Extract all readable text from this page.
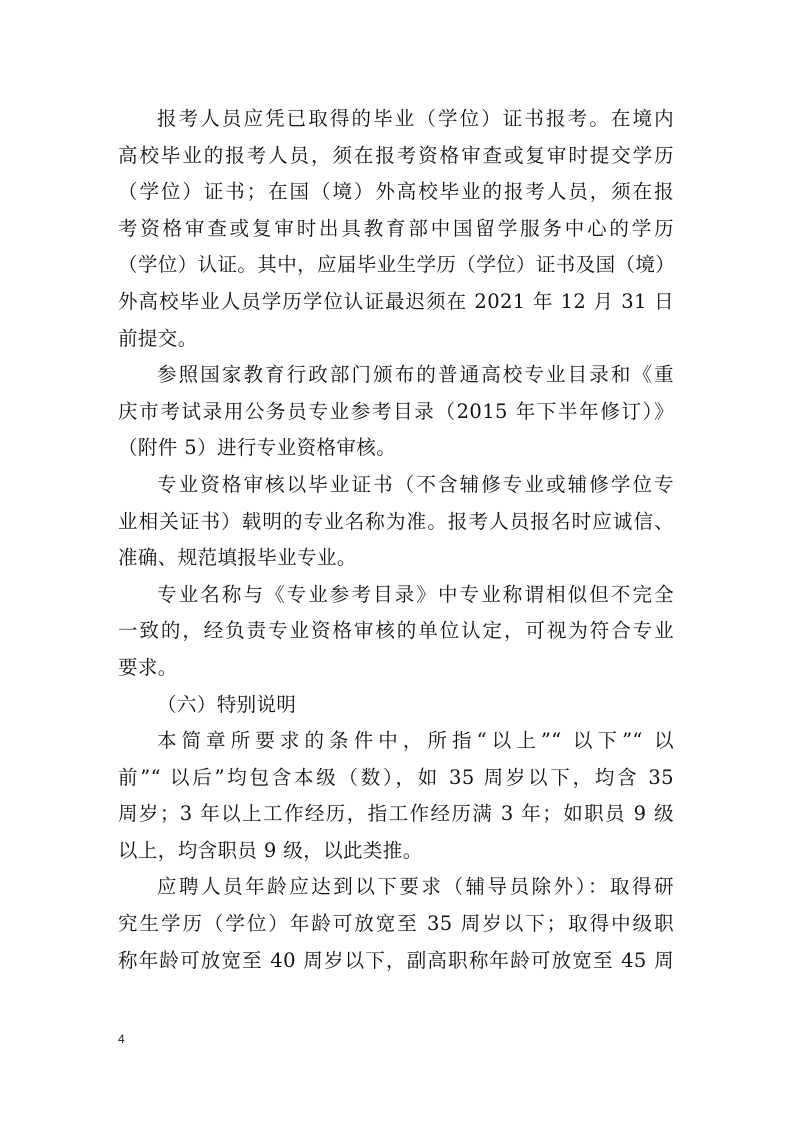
报考人员应凭已取得的毕业（学位）证书报考。在境内
高校毕业的报考人员，须在报考资格审查或复审时提交学历
（学位）证书；在国（境）外高校毕业的报考人员，须在报
考资格审查或复审时出具教育部中国留学服务中心的学历
（学位）认证。其中，应届毕业生学历（学位）证书及国（境）
外高校毕业人员学历学位认证最迟须在 2021 年 12 月 31 日
前提交。
参照国家教育行政部门颁布的普通高校专业目录和《重
庆市考试录用公务员专业参考目录（2015 年下半年修订）》
（附件 5）进行专业资格审核。
专业资格审核以毕业证书（不含辅修专业或辅修学位专
业相关证书）载明的专业名称为准。报考人员报名时应诚信、
准确、规范填报毕业专业。
专业名称与《专业参考目录》中专业称谓相似但不完全
一致的，经负责专业资格审核的单位认定，可视为符合专业
要求。
（六）特别说明
本简章所要求的条件中，所指“以上”“ 以下”“ 以
前”“ 以后”均包含本级（数），如 35 周岁以下，均含 35
周岁；3 年以上工作经历，指工作经历满 3 年；如职员 9 级
以上，均含职员 9 级，以此类推。
应聘人员年龄应达到以下要求（辅导员除外）：取得研
究生学历（学位）年龄可放宽至 35 周岁以下；取得中级职
称年龄可放宽至 40 周岁以下，副高职称年龄可放宽至 45 周
4
